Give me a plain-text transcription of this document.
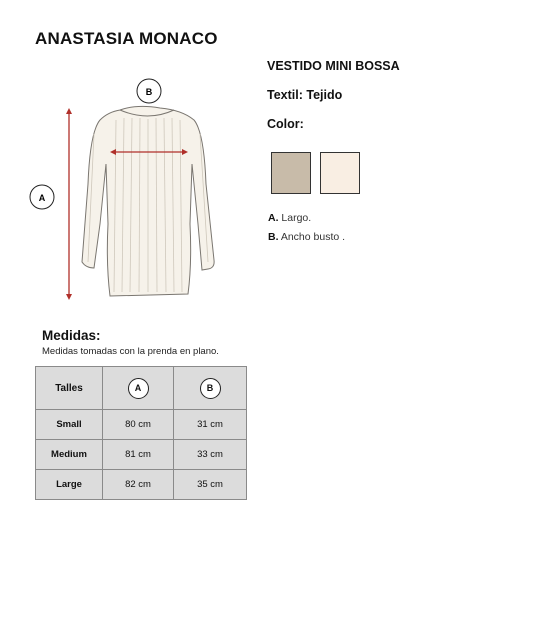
ANASTASIA MONACO
A
B
VESTIDO MINI BOSSA
Textil: Tejido
Color:
A. Largo.
B. Ancho busto .
Medidas:
Medidas tomadas con la prenda en plano.
Talles	A	B
Small	80 cm	31 cm
Medium	81 cm	33 cm
Large	82 cm	35 cm
